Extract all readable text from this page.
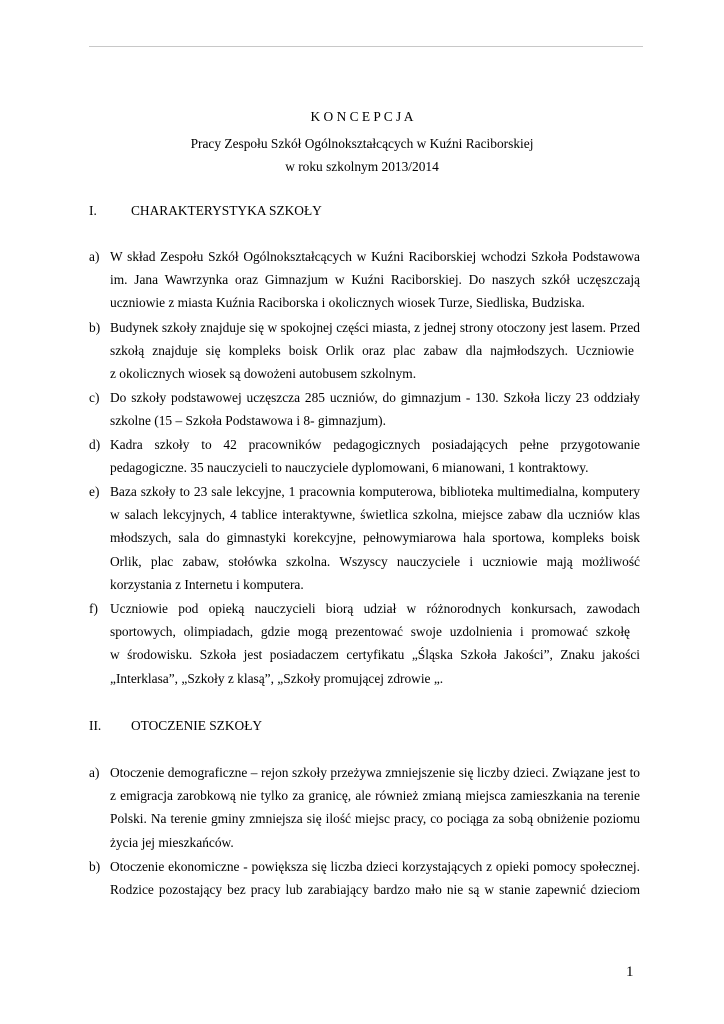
K O N C E P C J A
Pracy Zespołu Szkół Ogólnokształcących w Kuźni Raciborskiej
w roku szkolnym 2013/2014
I.	CHARAKTERYSTYKA SZKOŁY
a) W skład Zespołu Szkół Ogólnokształcących w Kuźni Raciborskiej wchodzi Szkoła Podstawowa
im. Jana Wawrzynka oraz Gimnazjum w Kuźni Raciborskiej. Do naszych szkół uczęszczają
uczniowie z miasta Kuźnia Raciborska i okolicznych wiosek Turze, Siedliska, Budziska.
b) Budynek szkoły znajduje się w spokojnej części miasta, z jednej strony otoczony jest lasem. Przed
szkołą znajduje się kompleks boisk Orlik oraz plac zabaw dla najmłodszych. Uczniowie
z okolicznych wiosek są dowożeni autobusem szkolnym.
c) Do szkoły podstawowej uczęszcza 285 uczniów, do gimnazjum - 130. Szkoła liczy 23 oddziały
szkolne (15 – Szkoła Podstawowa i 8- gimnazjum).
d) Kadra szkoły to 42 pracowników pedagogicznych posiadających pełne przygotowanie
pedagogiczne. 35 nauczycieli to nauczyciele dyplomowani, 6 mianowani, 1 kontraktowy.
e) Baza szkoły to 23 sale lekcyjne, 1 pracownia komputerowa, biblioteka multimedialna, komputery
w salach lekcyjnych, 4 tablice interaktywne, świetlica szkolna, miejsce zabaw dla uczniów klas
młodszych, sala do gimnastyki korekcyjne, pełnowymiarowa hala sportowa, kompleks boisk
Orlik, plac zabaw, stołówka szkolna. Wszyscy nauczyciele i uczniowie mają możliwość
korzystania z Internetu i komputera.
f) Uczniowie pod opieką nauczycieli biorą udział w różnorodnych konkursach, zawodach
sportowych, olimpiadach, gdzie mogą prezentować swoje uzdolnienia i promować szkołę
w środowisku. Szkoła jest posiadaczem certyfikatu „Śląska Szkoła Jakości”, Znaku jakości
„Interklasa”, „Szkoły z klasą”, „Szkoły promującej zdrowie „.
II. OTOCZENIE SZKOŁY
a) Otoczenie demograficzne – rejon szkoły przeżywa zmniejszenie się liczby dzieci. Związane jest to
z emigracja zarobkową nie tylko za granicę, ale również zmianą miejsca zamieszkania na terenie
Polski. Na terenie gminy zmniejsza się ilość miejsc pracy, co pociąga za sobą obniżenie poziomu
życia jej mieszkańców.
b) Otoczenie ekonomiczne - powiększa się liczba dzieci korzystających z opieki pomocy społecznej.
Rodzice pozostający bez pracy lub zarabiający bardzo mało nie są w stanie zapewnić dzieciom
1
